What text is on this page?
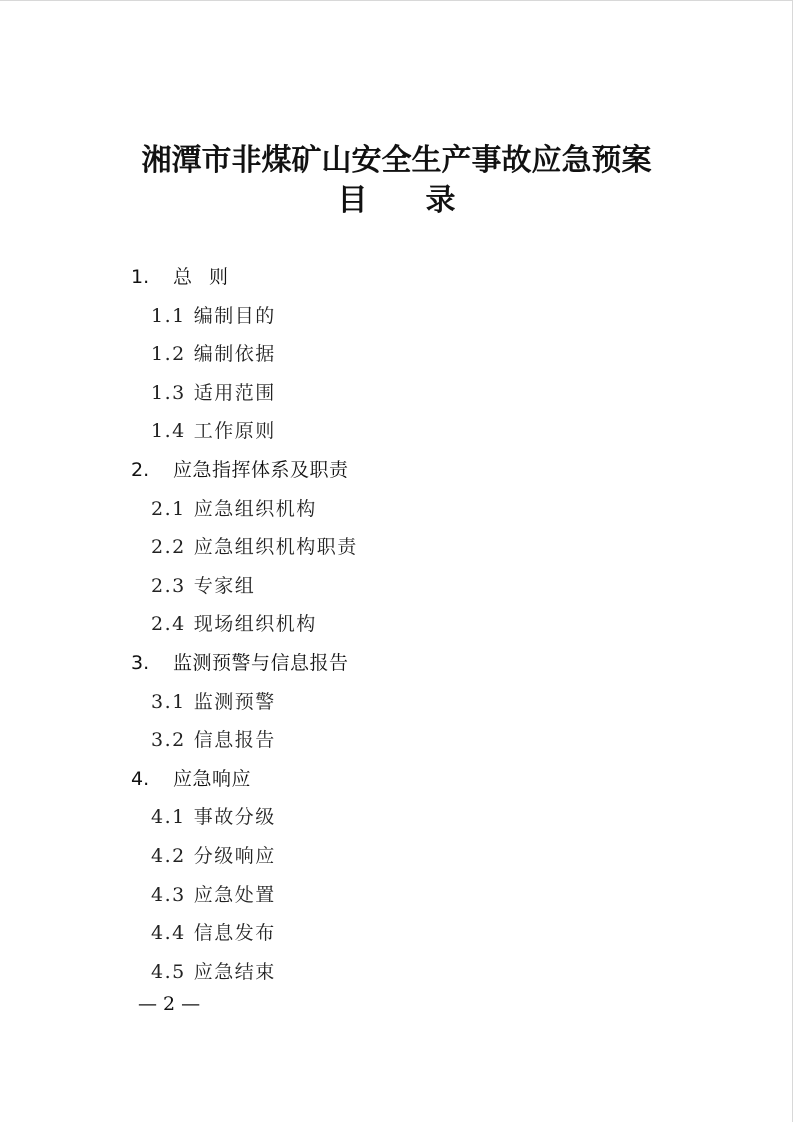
湘潭市非煤矿山安全生产事故应急预案
目录
1. 总则
1.1 编制目的
1.2 编制依据
1.3 适用范围
1.4 工作原则
2. 应急指挥体系及职责
2.1 应急组织机构
2.2 应急组织机构职责
2.3 专家组
2.4 现场组织机构
3. 监测预警与信息报告
3.1 监测预警
3.2 信息报告
4. 应急响应
4.1 事故分级
4.2 分级响应
4.3 应急处置
4.4 信息发布
4.5 应急结束
— 2 —
